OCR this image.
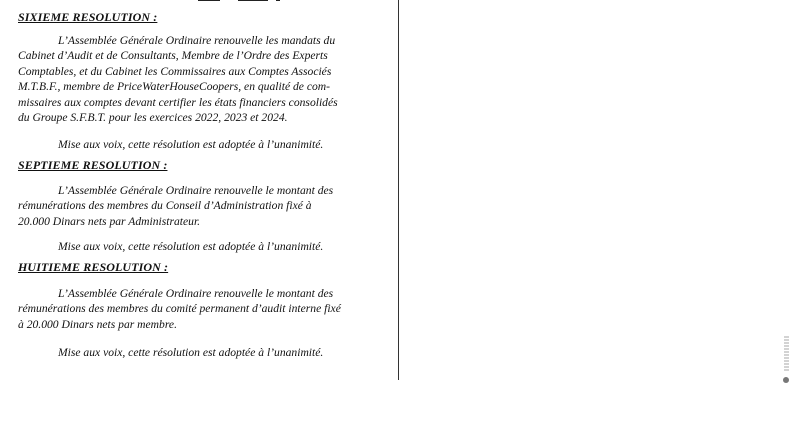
SIXIEME RESOLUTION :
L’Assemblée Générale Ordinaire renouvelle les mandats du
Cabinet d’Audit et de Consultants, Membre de l’Ordre des Experts
Comptables, et du Cabinet les Commissaires aux Comptes Associés
M.T.B.F., membre de PriceWaterHouseCoopers, en qualité de com-
missaires aux comptes devant certifier les états financiers consolidés
du Groupe S.F.B.T. pour les exercices 2022, 2023 et 2024.
Mise aux voix, cette résolution est adoptée à l’unanimité.
SEPTIEME RESOLUTION :
L’Assemblée Générale Ordinaire renouvelle le montant des
rémunérations des membres du Conseil d’Administration fixé à
20.000 Dinars nets par Administrateur.
Mise aux voix, cette résolution est adoptée à l’unanimité.
HUITIEME RESOLUTION :
L’Assemblée Générale Ordinaire renouvelle le montant des
rémunérations des membres du comité permanent d’audit interne fixé
à 20.000 Dinars nets par membre.
Mise aux voix, cette résolution est adoptée à l’unanimité.
